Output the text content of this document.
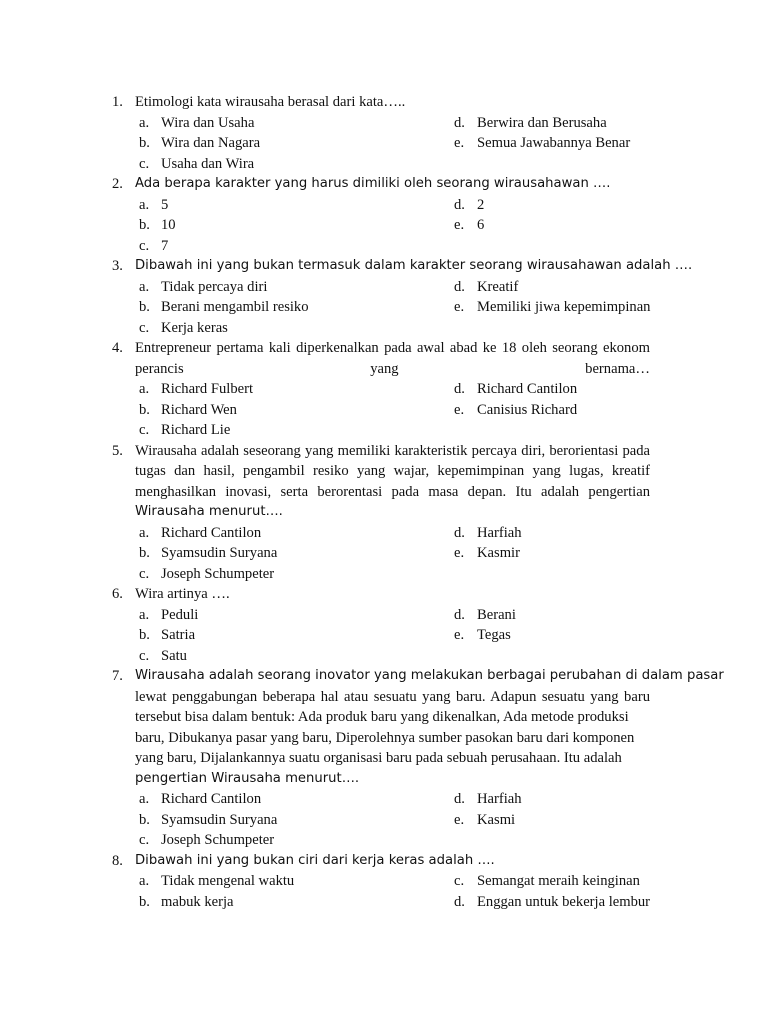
1. Etimologi kata wirausaha berasal dari kata…..
a. Wira dan Usaha	d. Berwira dan Berusaha
b. Wira dan Nagara	e. Semua Jawabannya Benar
c. Usaha dan Wira
2. Ada berapa karakter yang harus dimiliki oleh seorang wirausahawan ….
a. 5	d. 2
b. 10	e. 6
c. 7
3. Dibawah ini yang bukan termasuk dalam karakter seorang wirausahawan adalah ….
a. Tidak percaya diri	d. Kreatif
b. Berani mengambil resiko	e. Memiliki jiwa kepemimpinan
c. Kerja keras
4. Entrepreneur pertama kali diperkenalkan pada awal abad ke 18 oleh seorang ekonom
perancis yang bernama…
a. Richard Fulbert	d. Richard Cantilon
b. Richard Wen	e. Canisius Richard
c. Richard Lie
5. Wirausaha adalah seseorang yang memiliki karakteristik percaya diri, berorientasi pada
tugas dan hasil, pengambil resiko yang wajar, kepemimpinan yang lugas, kreatif
menghasilkan inovasi, serta berorentasi pada masa depan. Itu adalah pengertian
Wirausaha menurut….
a. Richard Cantilon	d. Harfiah
b. Syamsudin Suryana	e. Kasmir
c. Joseph Schumpeter
6. Wira artinya ….
a. Peduli	d. Berani
b. Satria	e. Tegas
c. Satu
7. Wirausaha adalah seorang inovator yang melakukan berbagai perubahan di dalam pasar
lewat penggabungan beberapa hal atau sesuatu yang baru. Adapun sesuatu yang baru
tersebut bisa dalam bentuk: Ada produk baru yang dikenalkan, Ada metode produksi
baru, Dibukanya pasar yang baru, Diperolehnya sumber pasokan baru dari komponen
yang baru, Dijalankannya suatu organisasi baru pada sebuah perusahaan. Itu adalah
pengertian Wirausaha menurut….
a. Richard Cantilon	d. Harfiah
b. Syamsudin Suryana	e. Kasmi
c. Joseph Schumpeter
8. Dibawah ini yang bukan ciri dari kerja keras adalah ….
a. Tidak mengenal waktu	c. Semangat meraih keinginan
b. mabuk kerja	d. Enggan untuk bekerja lembur
